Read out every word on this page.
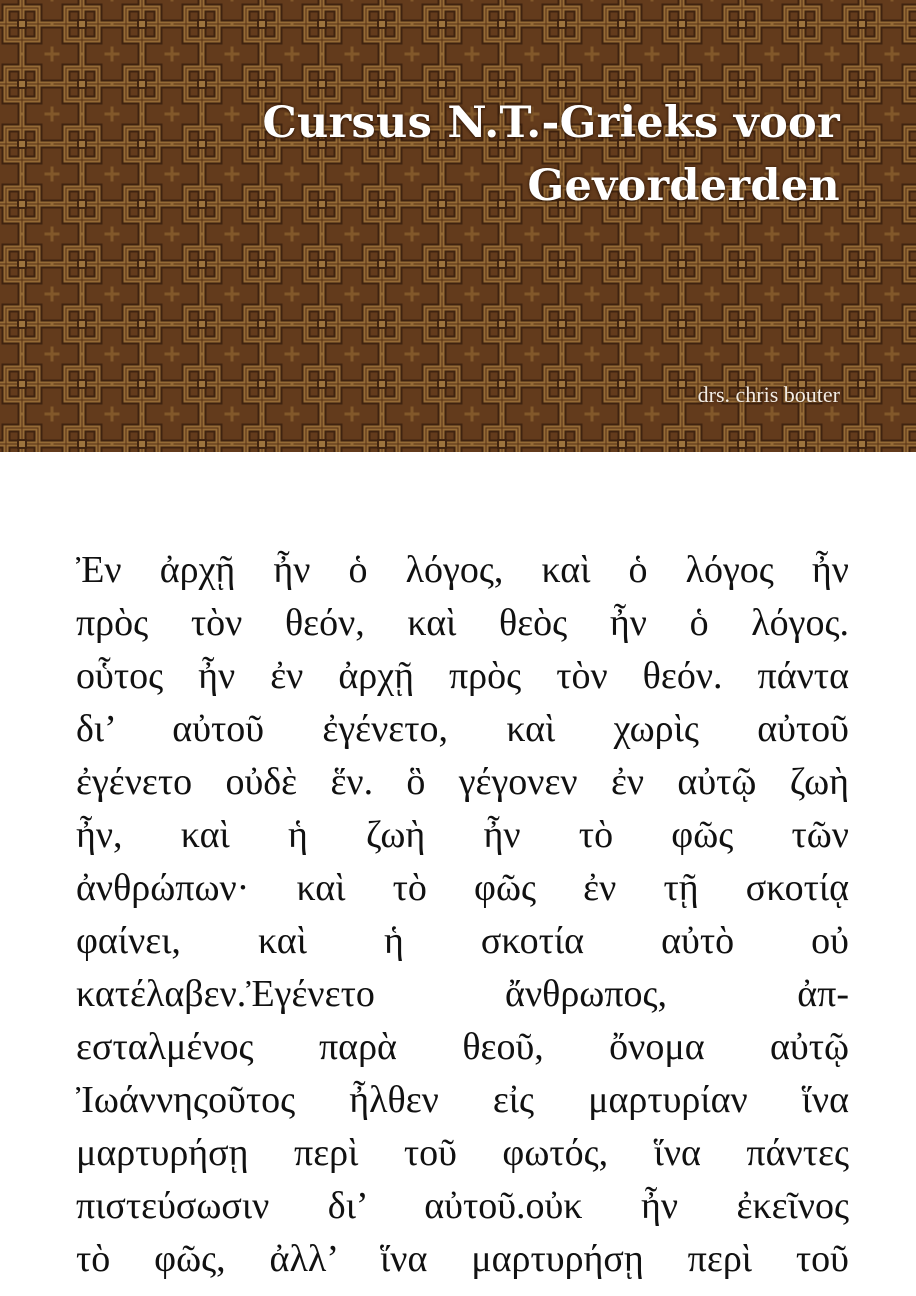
Cursus N.T.-Grieks voor
Gevorderden
drs. chris bouter
Ἐν ἀρχῇ ἦν ὁ λόγος, καὶ ὁ λόγος ἦν
πρὸς τὸν θεόν, καὶ θεὸς ἦν ὁ λόγος.
οὗτος ἦν ἐν ἀρχῇ πρὸς τὸν θεόν. πάντα
δι’ αὐτοῦ ἐγένετο, καὶ χωρὶς αὐτοῦ
ἐγένετο οὐδὲ ἕν. ὃ γέγονεν ἐν αὐτῷ ζωὴ
ἦν, καὶ ἡ ζωὴ ἦν τὸ φῶς τῶν
ἀνθρώπων· καὶ τὸ φῶς ἐν τῇ σκοτίᾳ
φαίνει, καὶ ἡ σκοτία αὐτὸ οὐ
κατέλαβεν.Ἐγένετο ἄνθρωπος, ἀπ-
εσταλμένος παρὰ θεοῦ, ὄνομα αὐτῷ
Ἰωάννηςοῦτος ἦλθεν εἰς μαρτυρίαν ἵνα
μαρτυρήσῃ περὶ τοῦ φωτός, ἵνα πάντες
πιστεύσωσιν δι’ αὐτοῦ.οὐκ ἦν ἐκεῖνος
τὸ φῶς, ἀλλ’ ἵνα μαρτυρήσῃ περὶ τοῦ
